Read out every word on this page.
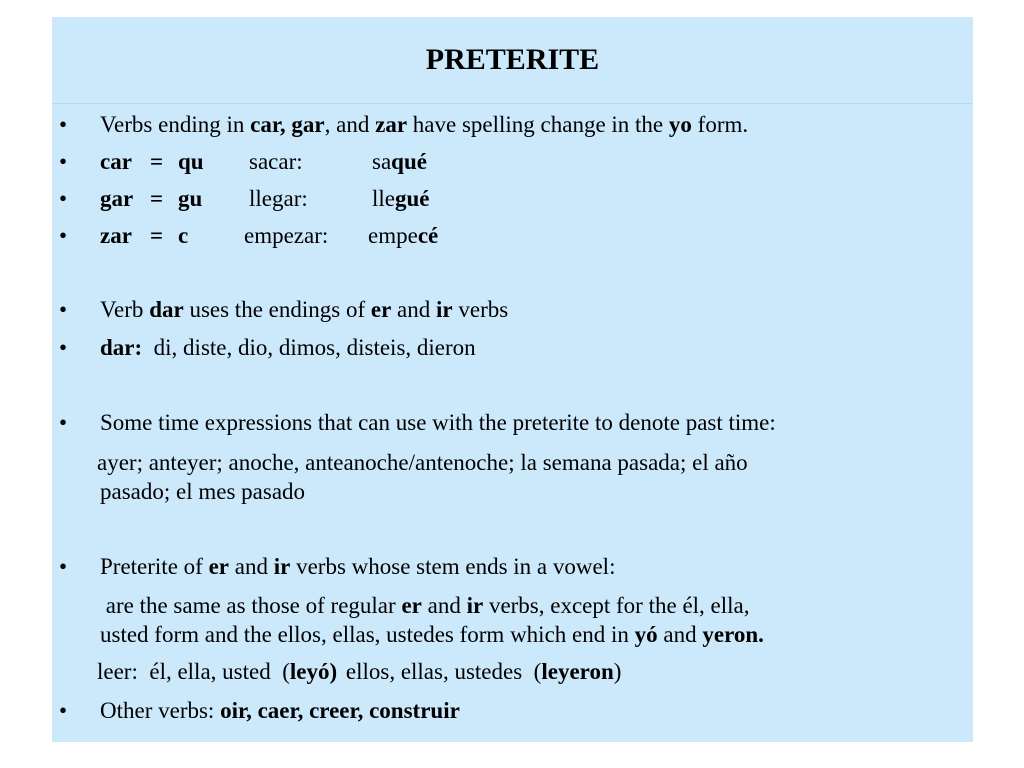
PRETERITE
• Verbs ending in car, gar, and zar have spelling change in the yo form.
• car = qu sacar:	saqué
• gar = gu llegar:	llegué
• zar = c empezar: empecé
• Verb dar uses the endings of er and ir verbs
• dar:  di, diste, dio, dimos, disteis, dieron
• Some time expressions that can use with the preterite to denote past time:
ayer; anteyer; anoche, anteanoche/antenoche; la semana pasada; el año
pasado; el mes pasado
• Preterite of er and ir verbs whose stem ends in a vowel:
are the same as those of regular er and ir verbs, except for the él, ella,
usted form and the ellos, ellas, ustedes form which end in yó and yeron.
leer:  él, ella, usted  (leyó) ellos, ellas, ustedes  (leyeron)
• Other verbs: oir, caer, creer, construir
